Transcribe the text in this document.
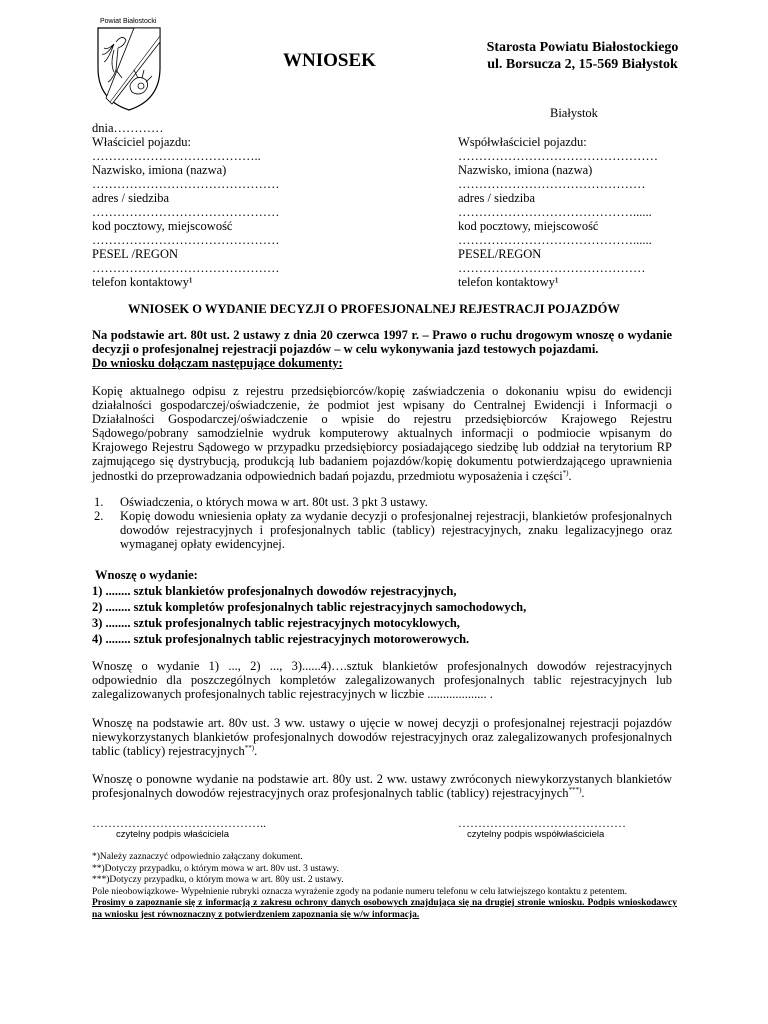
Powiat Białostocki
WNIOSEK
Starosta Powiatu Białostockiego
ul. Borsucza 2, 15-569 Białystok
Białystok
dnia…………
Właściciel pojazdu:
…………………………………..
Nazwisko, imiona (nazwa)
………………………………………
adres / siedziba
………………………………………
kod pocztowy, miejscowość
………………………………………
PESEL /REGON
………………………………………
telefon kontaktowy¹
Współwłaściciel pojazdu:
…………………………………………
Nazwisko, imiona (nazwa)
………………………………………
adres / siedziba
……………………………………......
kod pocztowy, miejscowość
……………………………………......
PESEL/REGON
………………………………………
telefon kontaktowy¹
WNIOSEK O WYDANIE DECYZJI O PROFESJONALNEJ REJESTRACJI POJAZDÓW
Na podstawie art. 80t ust. 2 ustawy z dnia 20 czerwca 1997 r. – Prawo o ruchu drogowym wnoszę o wydanie decyzji o profesjonalnej rejestracji pojazdów – w celu wykonywania jazd testowych pojazdami.
Do wniosku dołączam następujące dokumenty:
Kopię aktualnego odpisu z rejestru przedsiębiorców/kopię zaświadczenia o dokonaniu wpisu do ewidencji działalności gospodarczej/oświadczenie, że podmiot jest wpisany do Centralnej Ewidencji i Informacji o Działalności Gospodarczej/oświadczenie o wpisie do rejestru przedsiębiorców Krajowego Rejestru Sądowego/pobrany samodzielnie wydruk komputerowy aktualnych informacji o podmiocie wpisanym do Krajowego Rejestru Sądowego w przypadku przedsiębiorcy posiadającego siedzibę lub oddział na terytorium RP zajmującego się dystrybucją, produkcją lub badaniem pojazdów/kopię dokumentu potwierdzającego uprawnienia jednostki do przeprowadzania odpowiednich badań pojazdu, przedmiotu wyposażenia i części*).
1. Oświadczenia, o których mowa w art. 80t ust. 3 pkt 3 ustawy.
2. Kopię dowodu wniesienia opłaty za wydanie decyzji o profesjonalnej rejestracji, blankietów profesjonalnych dowodów rejestracyjnych i profesjonalnych tablic (tablicy) rejestracyjnych, znaku legalizacyjnego oraz wymaganej opłaty ewidencyjnej.
Wnoszę o wydanie:
1) ........ sztuk blankietów profesjonalnych dowodów rejestracyjnych,
2) ........ sztuk kompletów profesjonalnych tablic rejestracyjnych samochodowych,
3) ........ sztuk profesjonalnych tablic rejestracyjnych motocyklowych,
4) ........ sztuk profesjonalnych tablic rejestracyjnych motorowerowych.
Wnoszę o wydanie 1) ..., 2) ..., 3)......4)….sztuk blankietów profesjonalnych dowodów rejestracyjnych odpowiednio dla poszczególnych kompletów zalegalizowanych profesjonalnych tablic rejestracyjnych lub zalegalizowanych profesjonalnych tablic rejestracyjnych w liczbie ................... .
Wnoszę na podstawie art. 80v ust. 3 ww. ustawy o ujęcie w nowej decyzji o profesjonalnej rejestracji pojazdów niewykorzystanych blankietów profesjonalnych dowodów rejestracyjnych oraz zalegalizowanych profesjonalnych tablic (tablicy) rejestracyjnych**).
Wnoszę o ponowne wydanie na podstawie art. 80y ust. 2 ww. ustawy zwróconych niewykorzystanych blankietów profesjonalnych dowodów rejestracyjnych oraz profesjonalnych tablic (tablicy) rejestracyjnych***).
……………………………………..
czytelny podpis właściciela
……………………………………
czytelny podpis współwłaściciela
*)Należy zaznaczyć odpowiednio załączany dokument.
**)Dotyczy przypadku, o którym mowa w art. 80v ust. 3 ustawy.
***)Dotyczy przypadku, o którym mowa w art. 80y ust. 2 ustawy.
Pole nieobowiązkowe- Wypełnienie rubryki oznacza wyrażenie zgody na podanie numeru telefonu w celu łatwiejszego kontaktu z petentem.
Prosimy o zapoznanie się z informacją z zakresu ochrony danych osobowych znajdująca się na drugiej stronie wniosku. Podpis wnioskodawcy na wniosku jest równoznaczny z potwierdzeniem zapoznania się w/w informacja.
